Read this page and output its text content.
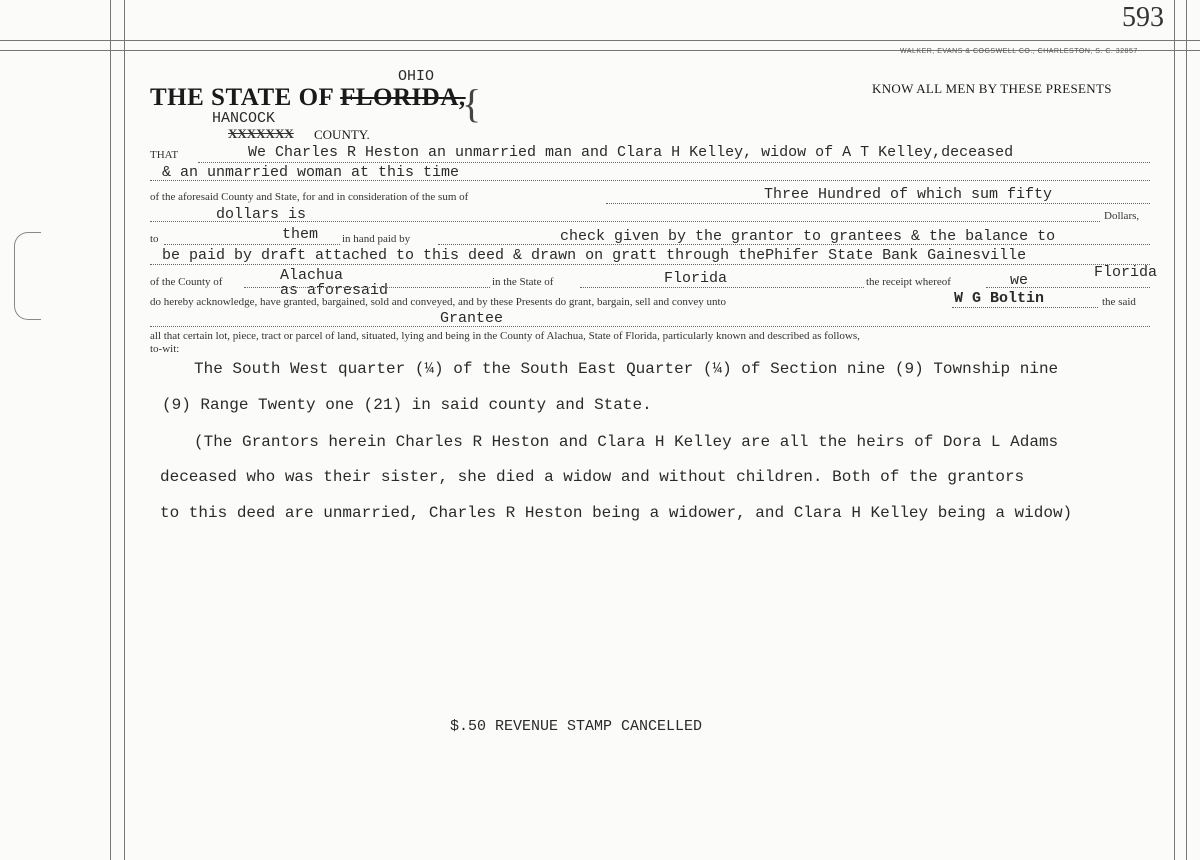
593
WALKER, EVANS & COGSWELL CO., CHARLESTON, S. C. 32857
OHIO
THE STATE OF FLORIDA,
{
HANCOCK
XXXXXXX COUNTY.
KNOW ALL MEN BY THESE PRESENTS
THAT	We Charles R Heston an unmarried man and Clara H Kelley, widow of A T Kelley,deceased
& an unmarried woman at this time
of the aforesaid County and State, for and in consideration of the sum of	Three Hundred of which sum fifty
dollars is	Dollars,
to	them in hand paid by	check given by the grantor to grantees & the balance to
be paid by draft attached to this deed & drawn on gratt through thePhifer State Bank Gainesville
of the County of	Alachua
as aforesaid	in the State of	Florida	the receipt whereof	we	Florida
do hereby acknowledge, have granted, bargained, sold and conveyed, and by these Presents do grant, bargain, sell and convey unto	W G Boltin	the said
Grantee
all that certain lot, piece, tract or parcel of land, situated, lying and being in the County of Alachua, State of Florida, particularly known and described as follows,
to-wit:
The South West quarter (¼) of the South East Quarter (¼) of Section nine (9) Township nine
(9) Range Twenty one (21) in said county and State.
(The Grantors herein Charles R Heston and Clara H Kelley are all the heirs of Dora L Adams
deceased who was their sister, she died a widow and without children. Both of the grantors
to this deed are unmarried, Charles R Heston being a widower, and Clara H Kelley being a widow)
$.50 REVENUE STAMP CANCELLED
